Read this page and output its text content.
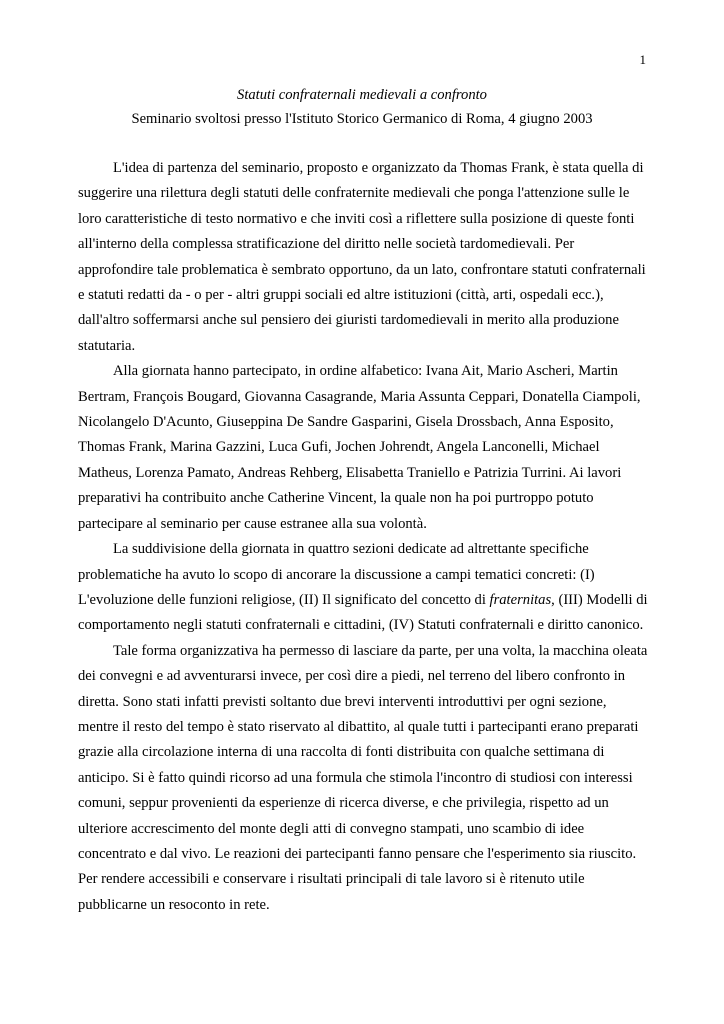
1
Statuti confraternali medievali a confronto
Seminario svoltosi presso l'Istituto Storico Germanico di Roma, 4 giugno 2003

L'idea di partenza del seminario, proposto e organizzato da Thomas Frank, è stata quella di suggerire una rilettura degli statuti delle confraternite medievali che ponga l'attenzione sulle le loro caratteristiche di testo normativo e che inviti così a riflettere sulla posizione di queste fonti all'interno della complessa stratificazione del diritto nelle società tardomedievali. Per approfondire tale problematica è sembrato opportuno, da un lato, confrontare statuti confraternali e statuti redatti da - o per - altri gruppi sociali ed altre istituzioni (città, arti, ospedali ecc.), dall'altro soffermarsi anche sul pensiero dei giuristi tardomedievali in merito alla produzione statutaria.

Alla giornata hanno partecipato, in ordine alfabetico: Ivana Ait, Mario Ascheri, Martin Bertram, François Bougard, Giovanna Casagrande, Maria Assunta Ceppari, Donatella Ciampoli, Nicolangelo D'Acunto, Giuseppina De Sandre Gasparini, Gisela Drossbach, Anna Esposito, Thomas Frank, Marina Gazzini, Luca Gufi, Jochen Johrendt, Angela Lanconelli, Michael Matheus, Lorenza Pamato, Andreas Rehberg, Elisabetta Traniello e Patrizia Turrini. Ai lavori preparativi ha contribuito anche Catherine Vincent, la quale non ha poi purtroppo potuto partecipare al seminario per cause estranee alla sua volontà.

La suddivisione della giornata in quattro sezioni dedicate ad altrettante specifiche problematiche ha avuto lo scopo di ancorare la discussione a campi tematici concreti: (I) L'evoluzione delle funzioni religiose, (II) Il significato del concetto di fraternitas, (III) Modelli di comportamento negli statuti confraternali e cittadini, (IV) Statuti confraternali e diritto canonico.

Tale forma organizzativa ha permesso di lasciare da parte, per una volta, la macchina oleata dei convegni e ad avventurarsi invece, per così dire a piedi, nel terreno del libero confronto in diretta. Sono stati infatti previsti soltanto due brevi interventi introduttivi per ogni sezione, mentre il resto del tempo è stato riservato al dibattito, al quale tutti i partecipanti erano preparati grazie alla circolazione interna di una raccolta di fonti distribuita con qualche settimana di anticipo. Si è fatto quindi ricorso ad una formula che stimola l'incontro di studiosi con interessi comuni, seppur provenienti da esperienze di ricerca diverse, e che privilegia, rispetto ad un ulteriore accrescimento del monte degli atti di convegno stampati, uno scambio di idee concentrato e dal vivo. Le reazioni dei partecipanti fanno pensare che l'esperimento sia riuscito. Per rendere accessibili e conservare i risultati principali di tale lavoro si è ritenuto utile pubblicarne un resoconto in rete.
